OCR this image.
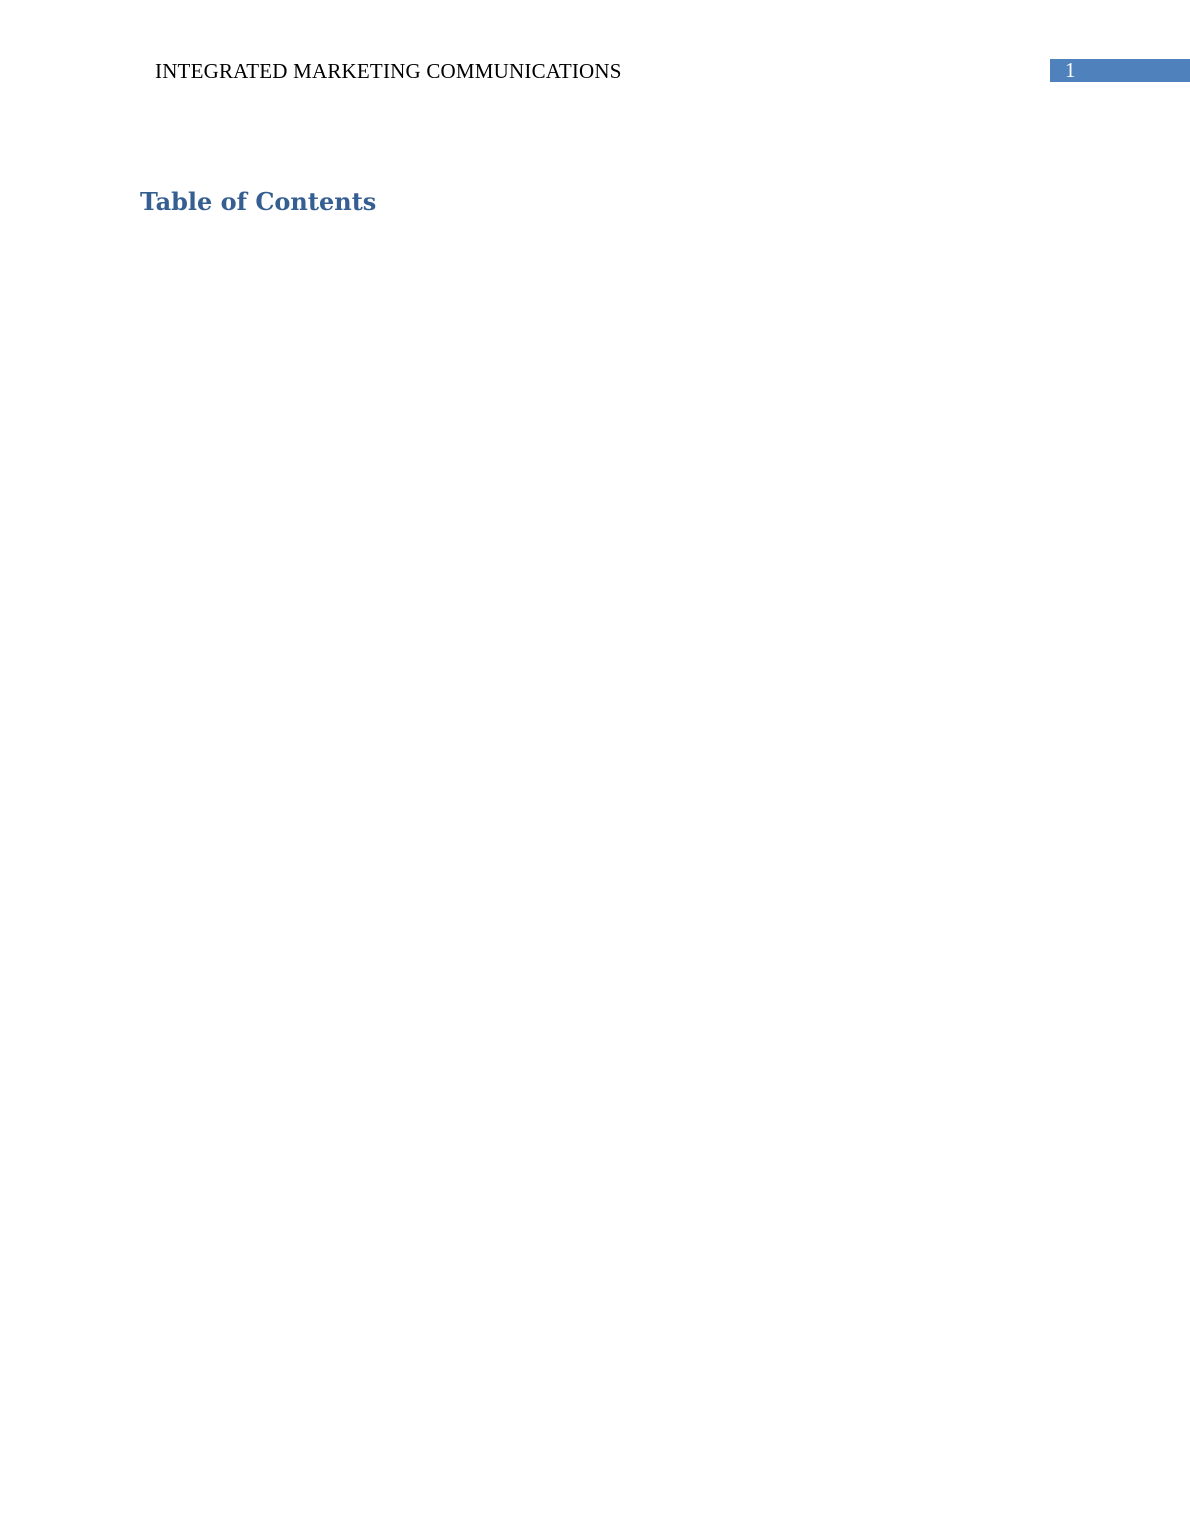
INTEGRATED MARKETING COMMUNICATIONS	1
Table of Contents
